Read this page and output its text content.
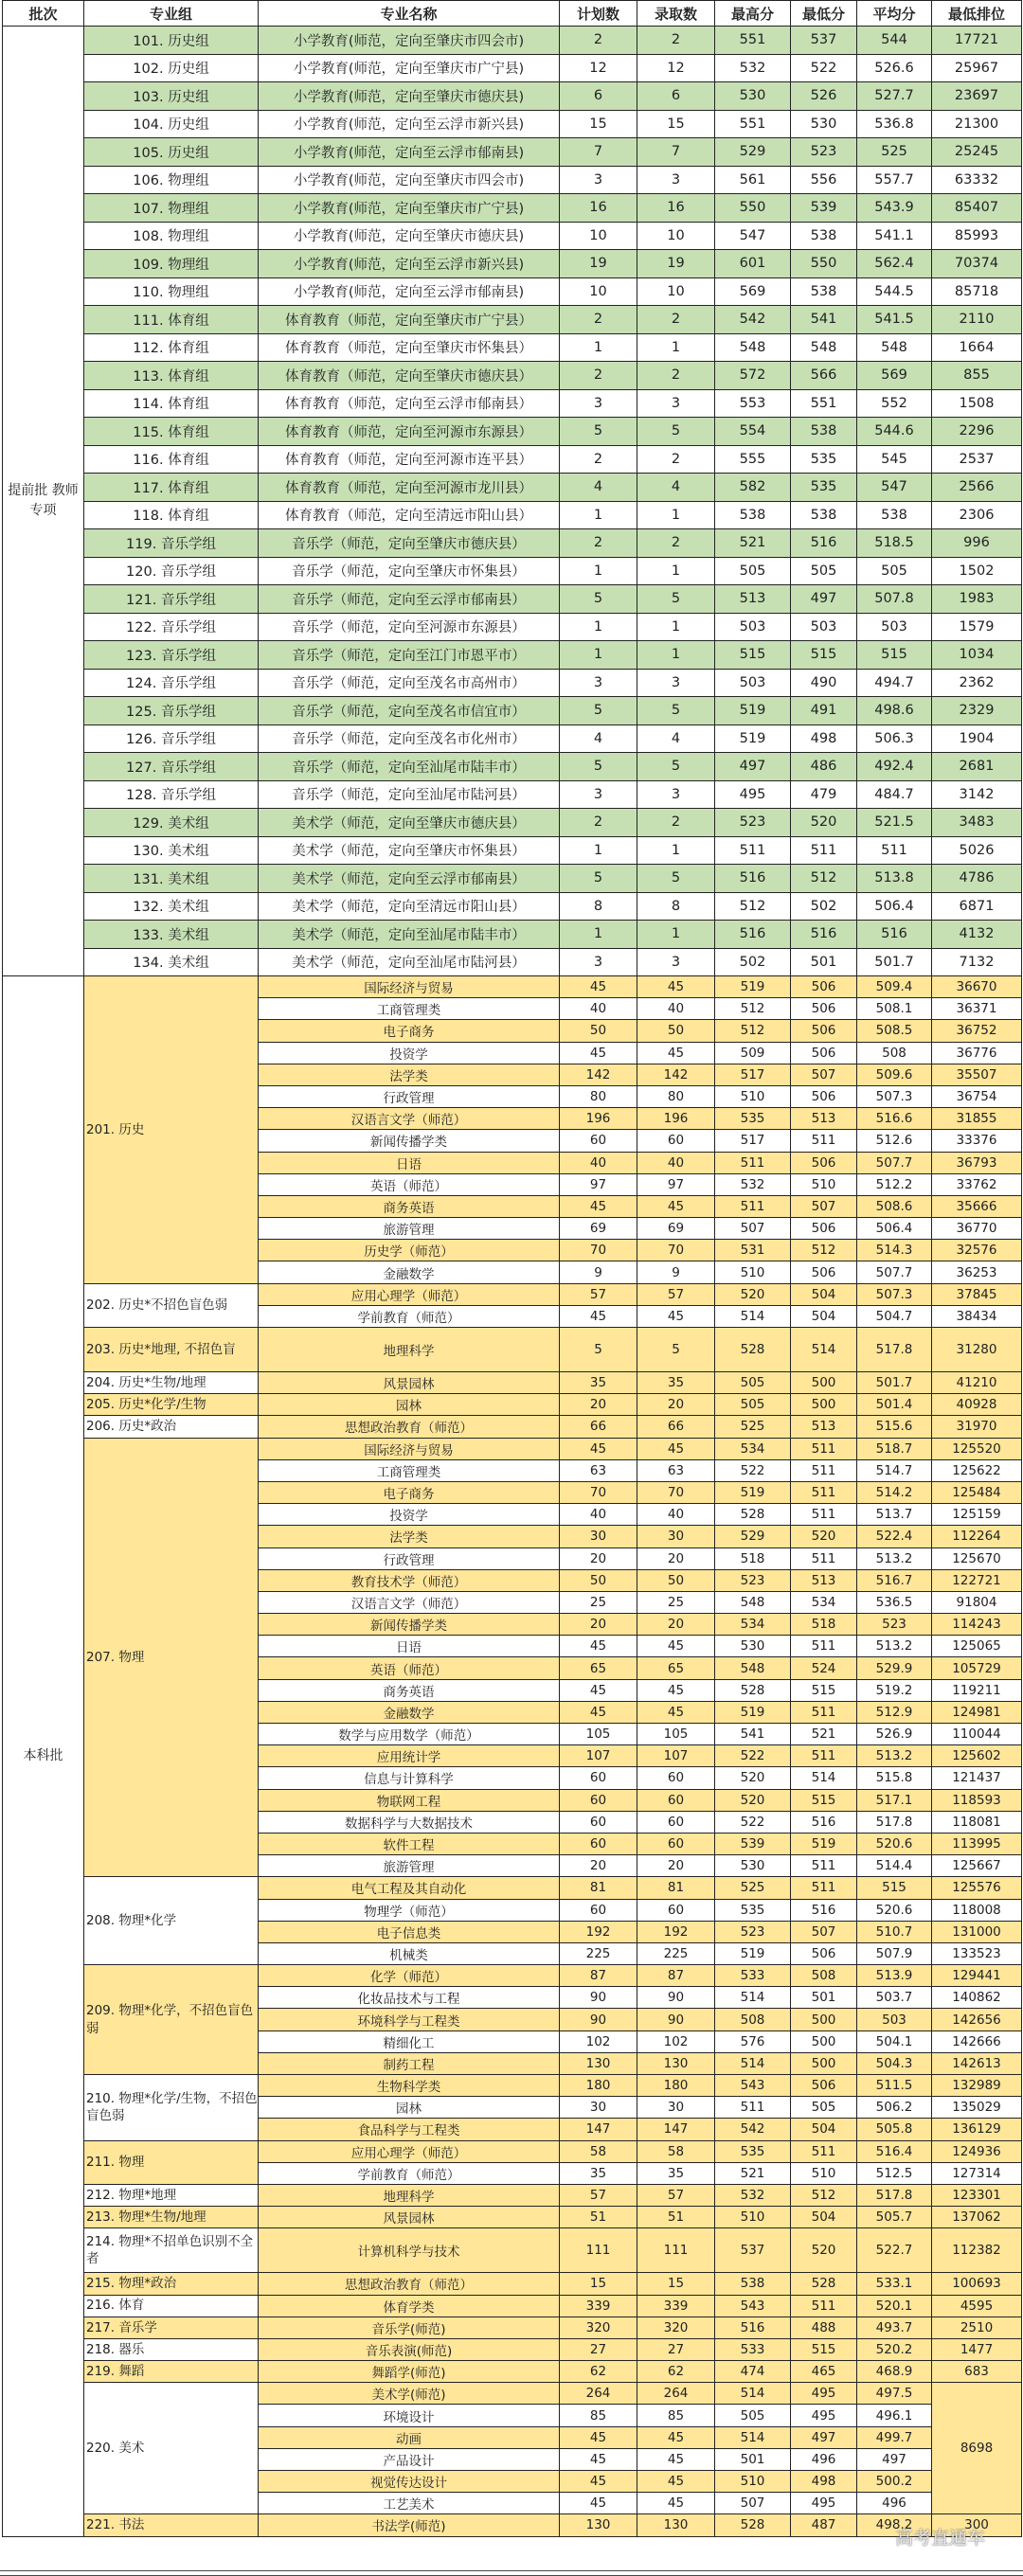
批次	专业组	专业名称	计划数	录取数	最高分	最低分	平均分	最低排位
提前批 教师专项	101. 历史组	小学教育(师范，定向至肇庆市四会市)	2	2	551	537	544	17721
	102. 历史组	小学教育(师范，定向至肇庆市广宁县)	12	12	532	522	526.6	25967
	103. 历史组	小学教育(师范，定向至肇庆市德庆县)	6	6	530	526	527.7	23697
	104. 历史组	小学教育(师范，定向至云浮市新兴县)	15	15	551	530	536.8	21300
	105. 历史组	小学教育(师范，定向至云浮市郁南县)	7	7	529	523	525	25245
	106. 物理组	小学教育(师范，定向至肇庆市四会市)	3	3	561	556	557.7	63332
	107. 物理组	小学教育(师范，定向至肇庆市广宁县)	16	16	550	539	543.9	85407
	108. 物理组	小学教育(师范，定向至肇庆市德庆县)	10	10	547	538	541.1	85993
	109. 物理组	小学教育(师范，定向至云浮市新兴县)	19	19	601	550	562.4	70374
	110. 物理组	小学教育(师范，定向至云浮市郁南县)	10	10	569	538	544.5	85718
	111. 体育组	体育教育（师范，定向至肇庆市广宁县）	2	2	542	541	541.5	2110
	112. 体育组	体育教育（师范，定向至肇庆市怀集县）	1	1	548	548	548	1664
	113. 体育组	体育教育（师范，定向至肇庆市德庆县）	2	2	572	566	569	855
	114. 体育组	体育教育（师范，定向至云浮市郁南县）	3	3	553	551	552	1508
	115. 体育组	体育教育（师范，定向至河源市东源县）	5	5	554	538	544.6	2296
	116. 体育组	体育教育（师范，定向至河源市连平县）	2	2	555	535	545	2537
	117. 体育组	体育教育（师范，定向至河源市龙川县）	4	4	582	535	547	2566
	118. 体育组	体育教育（师范，定向至清远市阳山县）	1	1	538	538	538	2306
	119. 音乐学组	音乐学（师范，定向至肇庆市德庆县）	2	2	521	516	518.5	996
	120. 音乐学组	音乐学（师范，定向至肇庆市怀集县）	1	1	505	505	505	1502
	121. 音乐学组	音乐学（师范，定向至云浮市郁南县）	5	5	513	497	507.8	1983
	122. 音乐学组	音乐学（师范，定向至河源市东源县）	1	1	503	503	503	1579
	123. 音乐学组	音乐学（师范，定向至江门市恩平市）	1	1	515	515	515	1034
	124. 音乐学组	音乐学（师范，定向至茂名市高州市）	3	3	503	490	494.7	2362
	125. 音乐学组	音乐学（师范，定向至茂名市信宜市）	5	5	519	491	498.6	2329
	126. 音乐学组	音乐学（师范，定向至茂名市化州市）	4	4	519	498	506.3	1904
	127. 音乐学组	音乐学（师范，定向至汕尾市陆丰市）	5	5	497	486	492.4	2681
	128. 音乐学组	音乐学（师范，定向至汕尾市陆河县）	3	3	495	479	484.7	3142
	129. 美术组	美术学（师范，定向至肇庆市德庆县）	2	2	523	520	521.5	3483
	130. 美术组	美术学（师范，定向至肇庆市怀集县）	1	1	511	511	511	5026
	131. 美术组	美术学（师范，定向至云浮市郁南县）	5	5	516	512	513.8	4786
	132. 美术组	美术学（师范，定向至清远市阳山县）	8	8	512	502	506.4	6871
	133. 美术组	美术学（师范，定向至汕尾市陆丰市）	1	1	516	516	516	4132
	134. 美术组	美术学（师范，定向至汕尾市陆河县）	3	3	502	501	501.7	7132
本科批	201. 历史	国际经济与贸易	45	45	519	506	509.4	36670
		工商管理类	40	40	512	506	508.1	36371
		电子商务	50	50	512	506	508.5	36752
		投资学	45	45	509	506	508	36776
		法学类	142	142	517	507	509.6	35507
		行政管理	80	80	510	506	507.3	36754
		汉语言文学（师范）	196	196	535	513	516.6	31855
		新闻传播学类	60	60	517	511	512.6	33376
		日语	40	40	511	506	507.7	36793
		英语（师范）	97	97	532	510	512.2	33762
		商务英语	45	45	511	507	508.6	35666
		旅游管理	69	69	507	506	506.4	36770
		历史学（师范）	70	70	531	512	514.3	32576
		金融数学	9	9	510	506	507.7	36253
	202. 历史*不招色盲色弱	应用心理学（师范）	57	57	520	504	507.3	37845
		学前教育（师范）	45	45	514	504	504.7	38434
	203. 历史*地理, 不招色盲	地理科学	5	5	528	514	517.8	31280
	204. 历史*生物/地理	风景园林	35	35	505	500	501.7	41210
	205. 历史*化学/生物	园林	20	20	505	500	501.4	40928
	206. 历史*政治	思想政治教育（师范）	66	66	525	513	515.6	31970
	207. 物理	国际经济与贸易	45	45	534	511	518.7	125520
		工商管理类	63	63	522	511	514.7	125622
		电子商务	70	70	519	511	514.2	125484
		投资学	40	40	528	511	513.7	125159
		法学类	30	30	529	520	522.4	112264
		行政管理	20	20	518	511	513.2	125670
		教育技术学（师范）	50	50	523	513	516.7	122721
		汉语言文学（师范）	25	25	548	534	536.5	91804
		新闻传播学类	20	20	534	518	523	114243
		日语	45	45	530	511	513.2	125065
		英语（师范）	65	65	548	524	529.9	105729
		商务英语	45	45	528	515	519.2	119211
		金融数学	45	45	519	511	512.9	124981
		数学与应用数学（师范）	105	105	541	521	526.9	110044
		应用统计学	107	107	522	511	513.2	125602
		信息与计算科学	60	60	520	514	515.8	121437
		物联网工程	60	60	520	515	517.1	118593
		数据科学与大数据技术	60	60	522	516	517.8	118081
		软件工程	60	60	539	519	520.6	113995
		旅游管理	20	20	530	511	514.4	125667
	208. 物理*化学	电气工程及其自动化	81	81	525	511	515	125576
		物理学（师范）	60	60	535	516	520.6	118008
		电子信息类	192	192	523	507	510.7	131000
		机械类	225	225	519	506	507.9	133523
	209. 物理*化学，不招色盲色弱	化学（师范）	87	87	533	508	513.9	129441
		化妆品技术与工程	90	90	514	501	503.7	140862
		环境科学与工程类	90	90	508	500	503	142656
		精细化工	102	102	576	500	504.1	142666
		制药工程	130	130	514	500	504.3	142613
	210. 物理*化学/生物，不招色盲色弱	生物科学类	180	180	543	506	511.5	132989
		园林	30	30	511	505	506.2	135029
		食品科学与工程类	147	147	542	504	505.8	136129
	211. 物理	应用心理学（师范）	58	58	535	511	516.4	124936
		学前教育（师范）	35	35	521	510	512.5	127314
	212. 物理*地理	地理科学	57	57	532	512	517.8	123301
	213. 物理*生物/地理	风景园林	51	51	510	504	505.7	137062
	214. 物理*不招单色识别不全者	计算机科学与技术	111	111	537	520	522.7	112382
	215. 物理*政治	思想政治教育（师范）	15	15	538	528	533.1	100693
	216. 体育	体育学类	339	339	543	511	520.1	4595
	217. 音乐学	音乐学(师范)	320	320	516	488	493.7	2510
	218. 器乐	音乐表演(师范)	27	27	533	515	520.2	1477
	219. 舞蹈	舞蹈学(师范)	62	62	474	465	468.9	683
	220. 美术	美术学(师范)	264	264	514	495	497.5	8698
		环境设计	85	85	505	495	496.1	
		动画	45	45	514	497	499.7	
		产品设计	45	45	501	496	497	
		视觉传达设计	45	45	510	498	500.2	
		工艺美术	45	45	507	495	496	
	221. 书法	书法学(师范)	130	130	528	487	498.2	300
高考直通车
